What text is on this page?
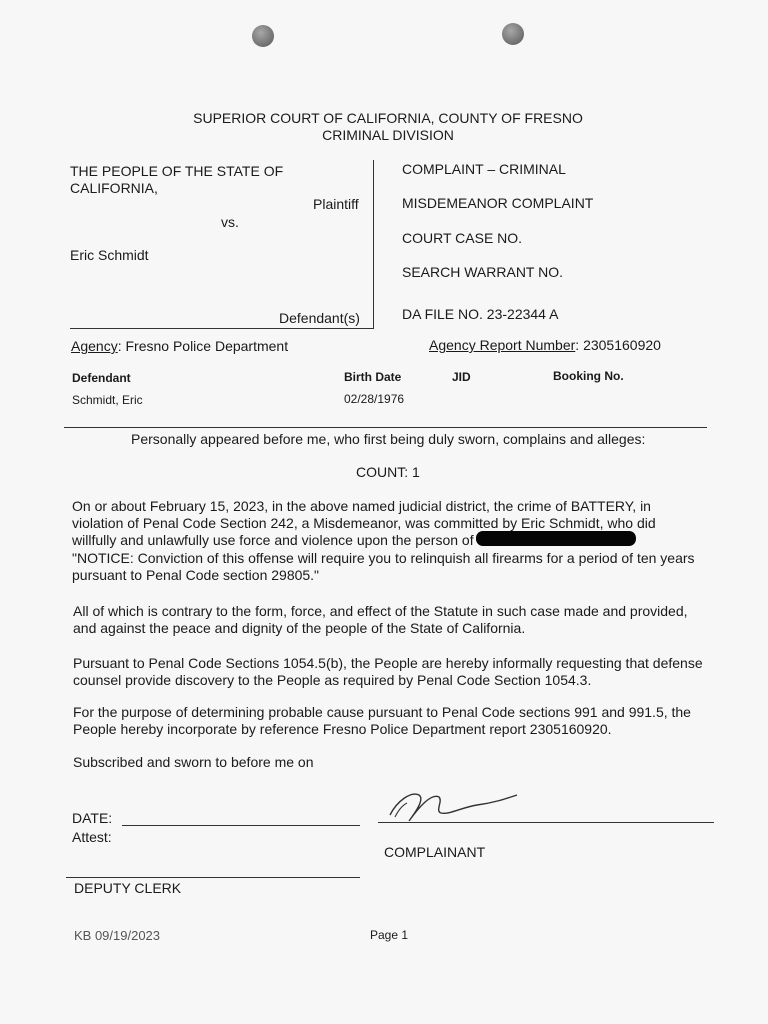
SUPERIOR COURT OF CALIFORNIA, COUNTY OF FRESNO
CRIMINAL DIVISION
THE PEOPLE OF THE STATE OF
CALIFORNIA,
Plaintiff
vs.
Eric Schmidt
Defendant(s)
COMPLAINT – CRIMINAL
MISDEMEANOR COMPLAINT
COURT CASE NO.
SEARCH WARRANT NO.
DA FILE NO. 23-22344 A
Agency: Fresno Police Department	Agency Report Number: 2305160920
Defendant	Birth Date	JID	Booking No.
Schmidt, Eric	02/28/1976
Personally appeared before me, who first being duly sworn, complains and alleges:
COUNT: 1
On or about February 15, 2023, in the above named judicial district, the crime of BATTERY, in
violation of Penal Code Section 242, a Misdemeanor, was committed by Eric Schmidt, who did
willfully and unlawfully use force and violence upon the person of
"NOTICE: Conviction of this offense will require you to relinquish all firearms for a period of ten years
pursuant to Penal Code section 29805."
All of which is contrary to the form, force, and effect of the Statute in such case made and provided, and against the peace and dignity of the people of the State of California.
Pursuant to Penal Code Sections 1054.5(b), the People are hereby informally requesting that defense counsel provide discovery to the People as required by Penal Code Section 1054.3.
For the purpose of determining probable cause pursuant to Penal Code sections 991 and 991.5, the People hereby incorporate by reference Fresno Police Department report 2305160920.
Subscribed and sworn to before me on
DATE:
Attest:
COMPLAINANT
DEPUTY CLERK
KB 09/19/2023	Page 1
